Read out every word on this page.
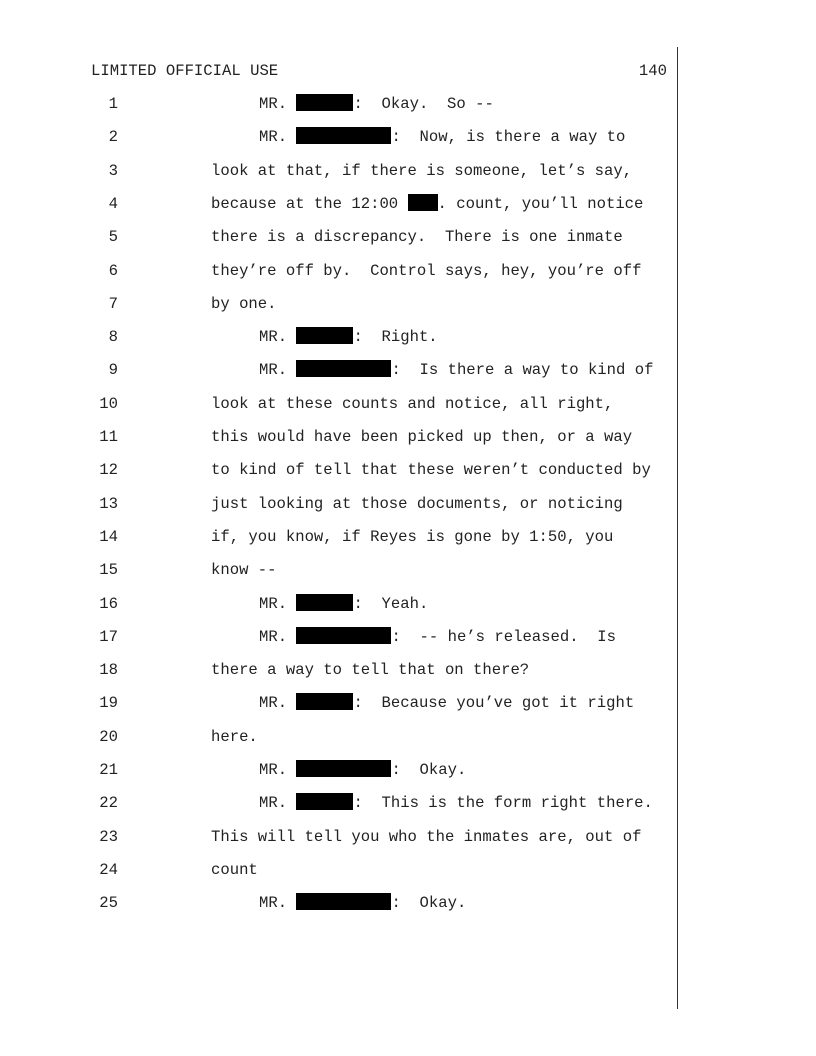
LIMITED OFFICIAL USE	140
1	MR.	:  Okay.  So --
2	MR.	:  Now, is there a way to
3	look at that, if there is someone, let’s say,
4	because at the 12:00 . count, you’ll notice
5	there is a discrepancy.  There is one inmate
6	they’re off by.  Control says, hey, you’re off
7	by one.
8	MR.	:  Right.
9	MR.	:  Is there a way to kind of
10	look at these counts and notice, all right,
11	this would have been picked up then, or a way
12	to kind of tell that these weren’t conducted by
13	just looking at those documents, or noticing
14	if, you know, if Reyes is gone by 1:50, you
15	know --
16	MR.	:  Yeah.
17	MR.	:  -- he’s released.  Is
18	there a way to tell that on there?
19	MR.	:  Because you’ve got it right
20	here.
21	MR.	:  Okay.
22	MR.	:  This is the form right there.
23	This will tell you who the inmates are, out of
24	count
25	MR.	:  Okay.
